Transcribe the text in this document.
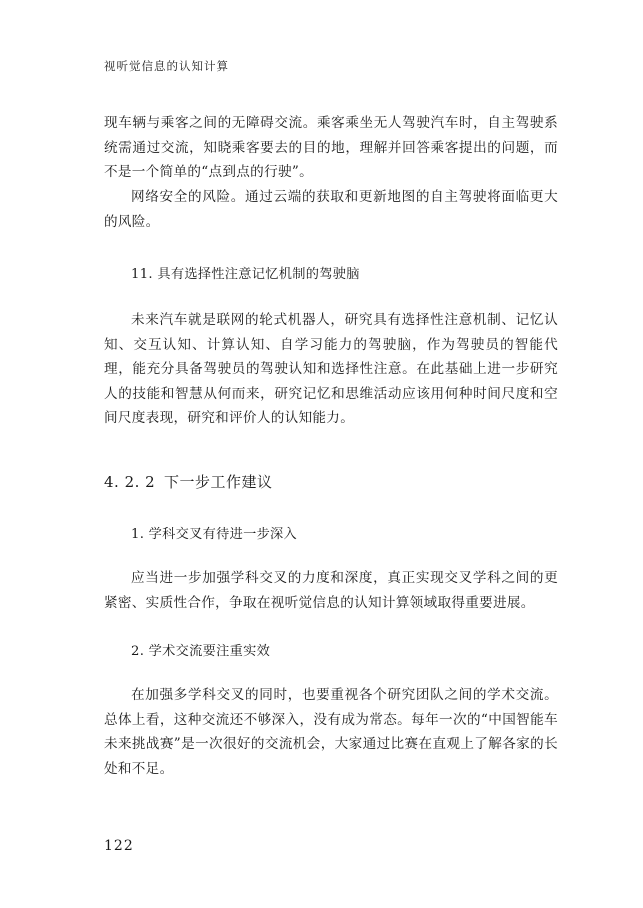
视听觉信息的认知计算
现车辆与乘客之间的无障碍交流。乘客乘坐无人驾驶汽车时，自主驾驶系统需通过交流，知晓乘客要去的目的地，理解并回答乘客提出的问题，而不是一个简单的“点到点的行驶”。
网络安全的风险。通过云端的获取和更新地图的自主驾驶将面临更大的风险。
11. 具有选择性注意记忆机制的驾驶脑
未来汽车就是联网的轮式机器人，研究具有选择性注意机制、记忆认知、交互认知、计算认知、自学习能力的驾驶脑，作为驾驶员的智能代理，能充分具备驾驶员的驾驶认知和选择性注意。在此基础上进一步研究人的技能和智慧从何而来，研究记忆和思维活动应该用何种时间尺度和空间尺度表现，研究和评价人的认知能力。
4. 2. 2 下一步工作建议
1. 学科交叉有待进一步深入
应当进一步加强学科交叉的力度和深度，真正实现交叉学科之间的更紧密、实质性合作，争取在视听觉信息的认知计算领域取得重要进展。
2. 学术交流要注重实效
在加强多学科交叉的同时，也要重视各个研究团队之间的学术交流。总体上看，这种交流还不够深入，没有成为常态。每年一次的“中国智能车未来挑战赛”是一次很好的交流机会，大家通过比赛在直观上了解各家的长处和不足。
122
